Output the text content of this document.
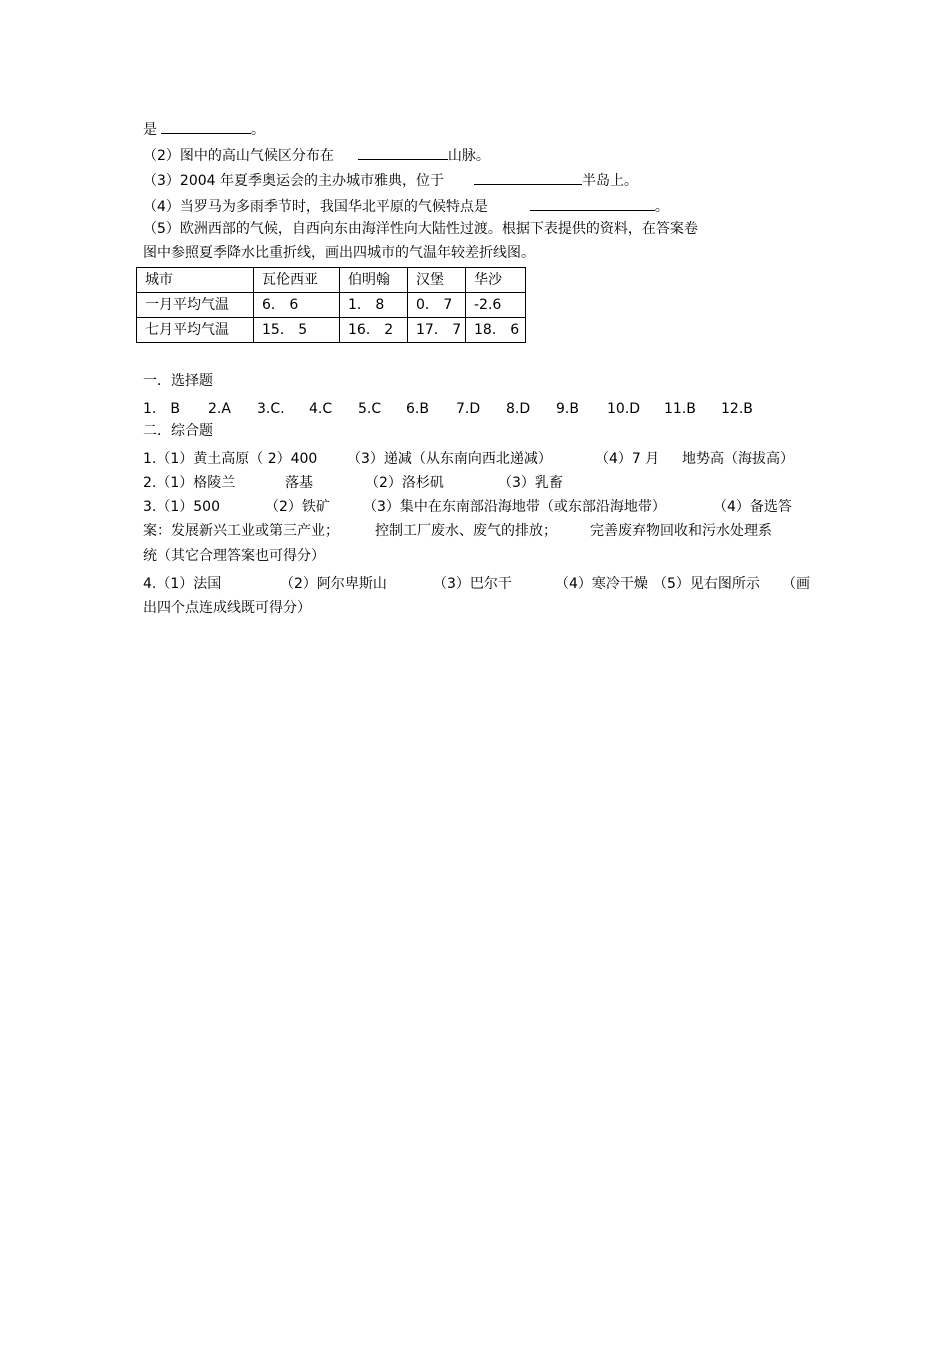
是	。
（2）图中的高山气候区分布在	山脉。
（3）2004 年夏季奥运会的主办城市雅典，位于	半岛上。
（4）当罗马为多雨季节时，我国华北平原的气候特点是	。
（5）欧洲西部的气候，自西向东由海洋性向大陆性过渡。根据下表提供的资料，在答案卷
图中参照夏季降水比重折线，画出四城市的气温年较差折线图。
城市	瓦伦西亚	伯明翰	汉堡	华沙
一月平均气温	6． 6	1． 8	0． 7	-2.6
七月平均气温	15． 5	16． 2	17． 7	18． 6
一．选择题
1.　B 2.A 3.C. 4.C 5.C 6.B 7.D 8.D 9.B 10.D 11.B 12.B
二．综合题
1.（1）黄土高原（ 2）400 （3）递减（从东南向西北递减）	（4）7 月 地势高（海拔高）
2.（1）格陵兰	落基	（2）洛杉矶	（3）乳畜
3.（1）500	（2）铁矿 （3）集中在东南部沿海地带（或东部沿海地带）	（4）备选答
案：发展新兴工业或第三产业；	控制工厂废水、废气的排放； 完善废弃物回收和污水处理系
统（其它合理答案也可得分）
4.（1）法国	（2）阿尔卑斯山	（3）巴尔干	（4）寒冷干燥 （5）见右图所示 （画
出四个点连成线既可得分）
